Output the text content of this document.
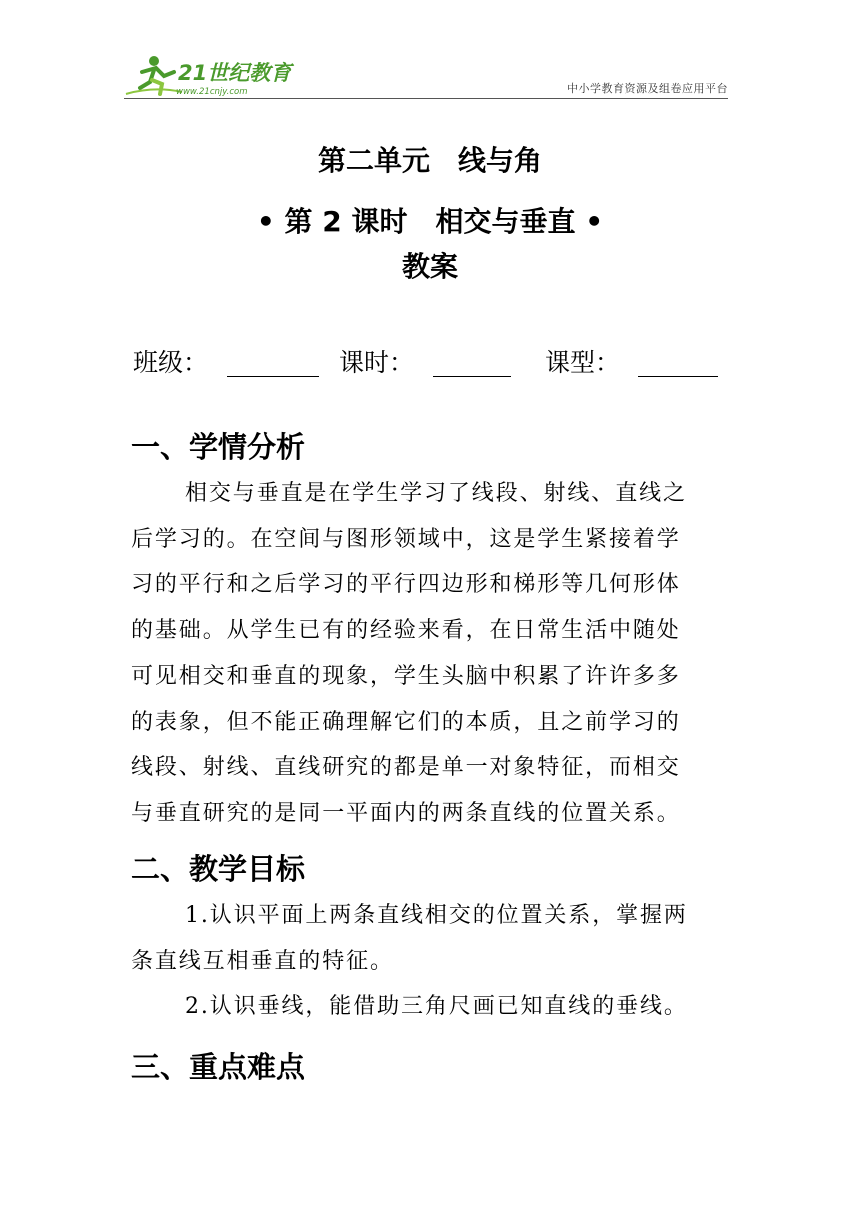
21世纪教育
www.21cnjy.com	中小学教育资源及组卷应用平台
第二单元　线与角
• 第 2 课时　相交与垂直 •
教案
班级：	课时：	课型：
一、学情分析
相交与垂直是在学生学习了线段、射线、直线之
后学习的。在空间与图形领域中，这是学生紧接着学
习的平行和之后学习的平行四边形和梯形等几何形体
的基础。从学生已有的经验来看，在日常生活中随处
可见相交和垂直的现象，学生头脑中积累了许许多多
的表象，但不能正确理解它们的本质，且之前学习的
线段、射线、直线研究的都是单一对象特征，而相交
与垂直研究的是同一平面内的两条直线的位置关系。
二、教学目标
1.认识平面上两条直线相交的位置关系，掌握两
条直线互相垂直的特征。
2.认识垂线，能借助三角尺画已知直线的垂线。
三、重点难点
